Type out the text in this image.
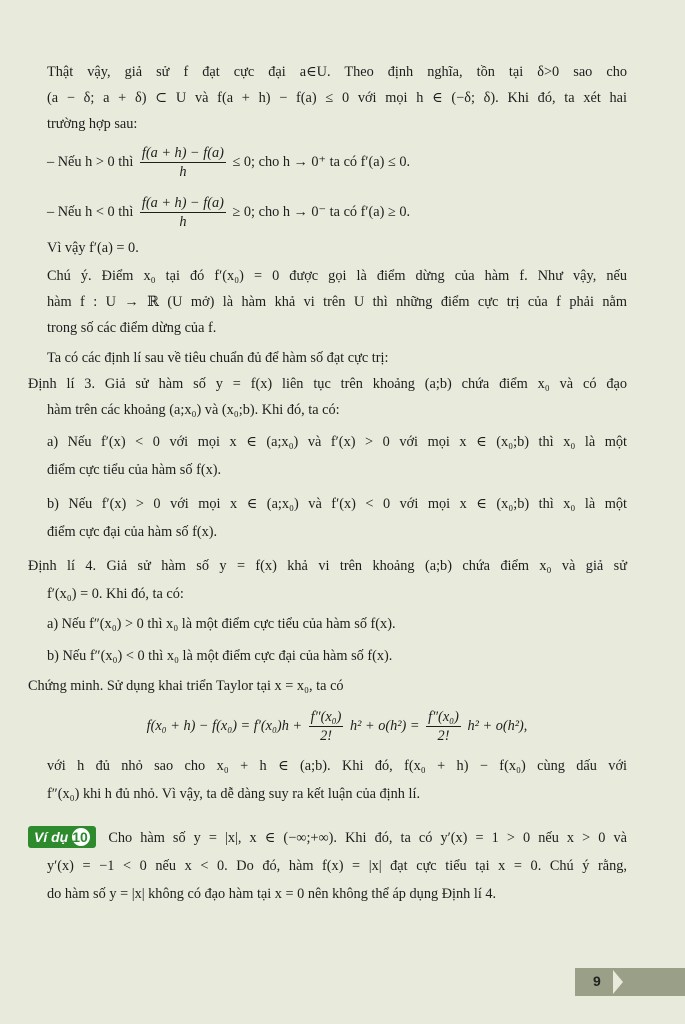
Thật vậy, giả sử f đạt cực đại a∈U. Theo định nghĩa, tồn tại δ>0 sao cho
(a − δ; a + δ) ⊂ U và f(a + h) − f(a) ≤ 0 với mọi h ∈ (−δ; δ). Khi đó, ta xét hai
trường hợp sau:
– Nếu h > 0 thì $\frac{f(a + h) - f(a)}{h} \le 0$; cho h → 0⁺ ta có f′(a) ≤ 0.
– Nếu h < 0 thì $\frac{f(a + h) - f(a)}{h} \ge 0$; cho h → 0⁻ ta có f′(a) ≥ 0.
Vì vậy f′(a) = 0.
Chú ý. Điểm x₀ tại đó f′(x₀) = 0 được gọi là điểm dừng của hàm f. Như vậy, nếu
hàm f : U → ℝ (U mở) là hàm khả vi trên U thì những điểm cực trị của f phải nằm
trong số các điểm dừng của f.
Ta có các định lí sau về tiêu chuẩn đủ để hàm số đạt cực trị:
Định lí 3. Giả sử hàm số y = f(x) liên tục trên khoảng (a;b) chứa điểm x₀ và có đạo
hàm trên các khoảng (a;x₀) và (x₀;b). Khi đó, ta có:
a) Nếu f′(x) < 0 với mọi x ∈ (a;x₀) và f′(x) > 0 với mọi x ∈ (x₀;b) thì x₀ là một
điểm cực tiểu của hàm số f(x).
b) Nếu f′(x) > 0 với mọi x ∈ (a;x₀) và f′(x) < 0 với mọi x ∈ (x₀;b) thì x₀ là một
điểm cực đại của hàm số f(x).
Định lí 4. Giả sử hàm số y = f(x) khả vi trên khoảng (a;b) chứa điểm x₀ và giả sử
f′(x₀) = 0. Khi đó, ta có:
a) Nếu f″(x₀) > 0 thì x₀ là một điểm cực tiểu của hàm số f(x).
b) Nếu f″(x₀) < 0 thì x₀ là một điểm cực đại của hàm số f(x).
Chứng minh. Sử dụng khai triển Taylor tại x = x₀, ta có
$f(x_0 + h) - f(x_0) = f'(x_0)h + \frac{\text{f″(x₀)}}{2!} h^2 + o(h^2) = \frac{\text{f″(x₀)}}{2!} h^2 + o(h^2)$,
với h đủ nhỏ sao cho x₀ + h ∈ (a;b). Khi đó, f(x₀ + h) − f(x₀) cùng dấu với
f″(x₀) khi h đủ nhỏ. Vì vậy, ta dễ dàng suy ra kết luận của định lí.
Ví dụ 10 Cho hàm số y = |x|, x ∈ (−∞;+∞). Khi đó, ta có y′(x) = 1 > 0 nếu x > 0 và
y′(x) = −1 < 0 nếu x < 0. Do đó, hàm f(x) = |x| đạt cực tiểu tại x = 0. Chú ý rằng,
do hàm số y = |x| không có đạo hàm tại x = 0 nên không thể áp dụng Định lí 4.
9
